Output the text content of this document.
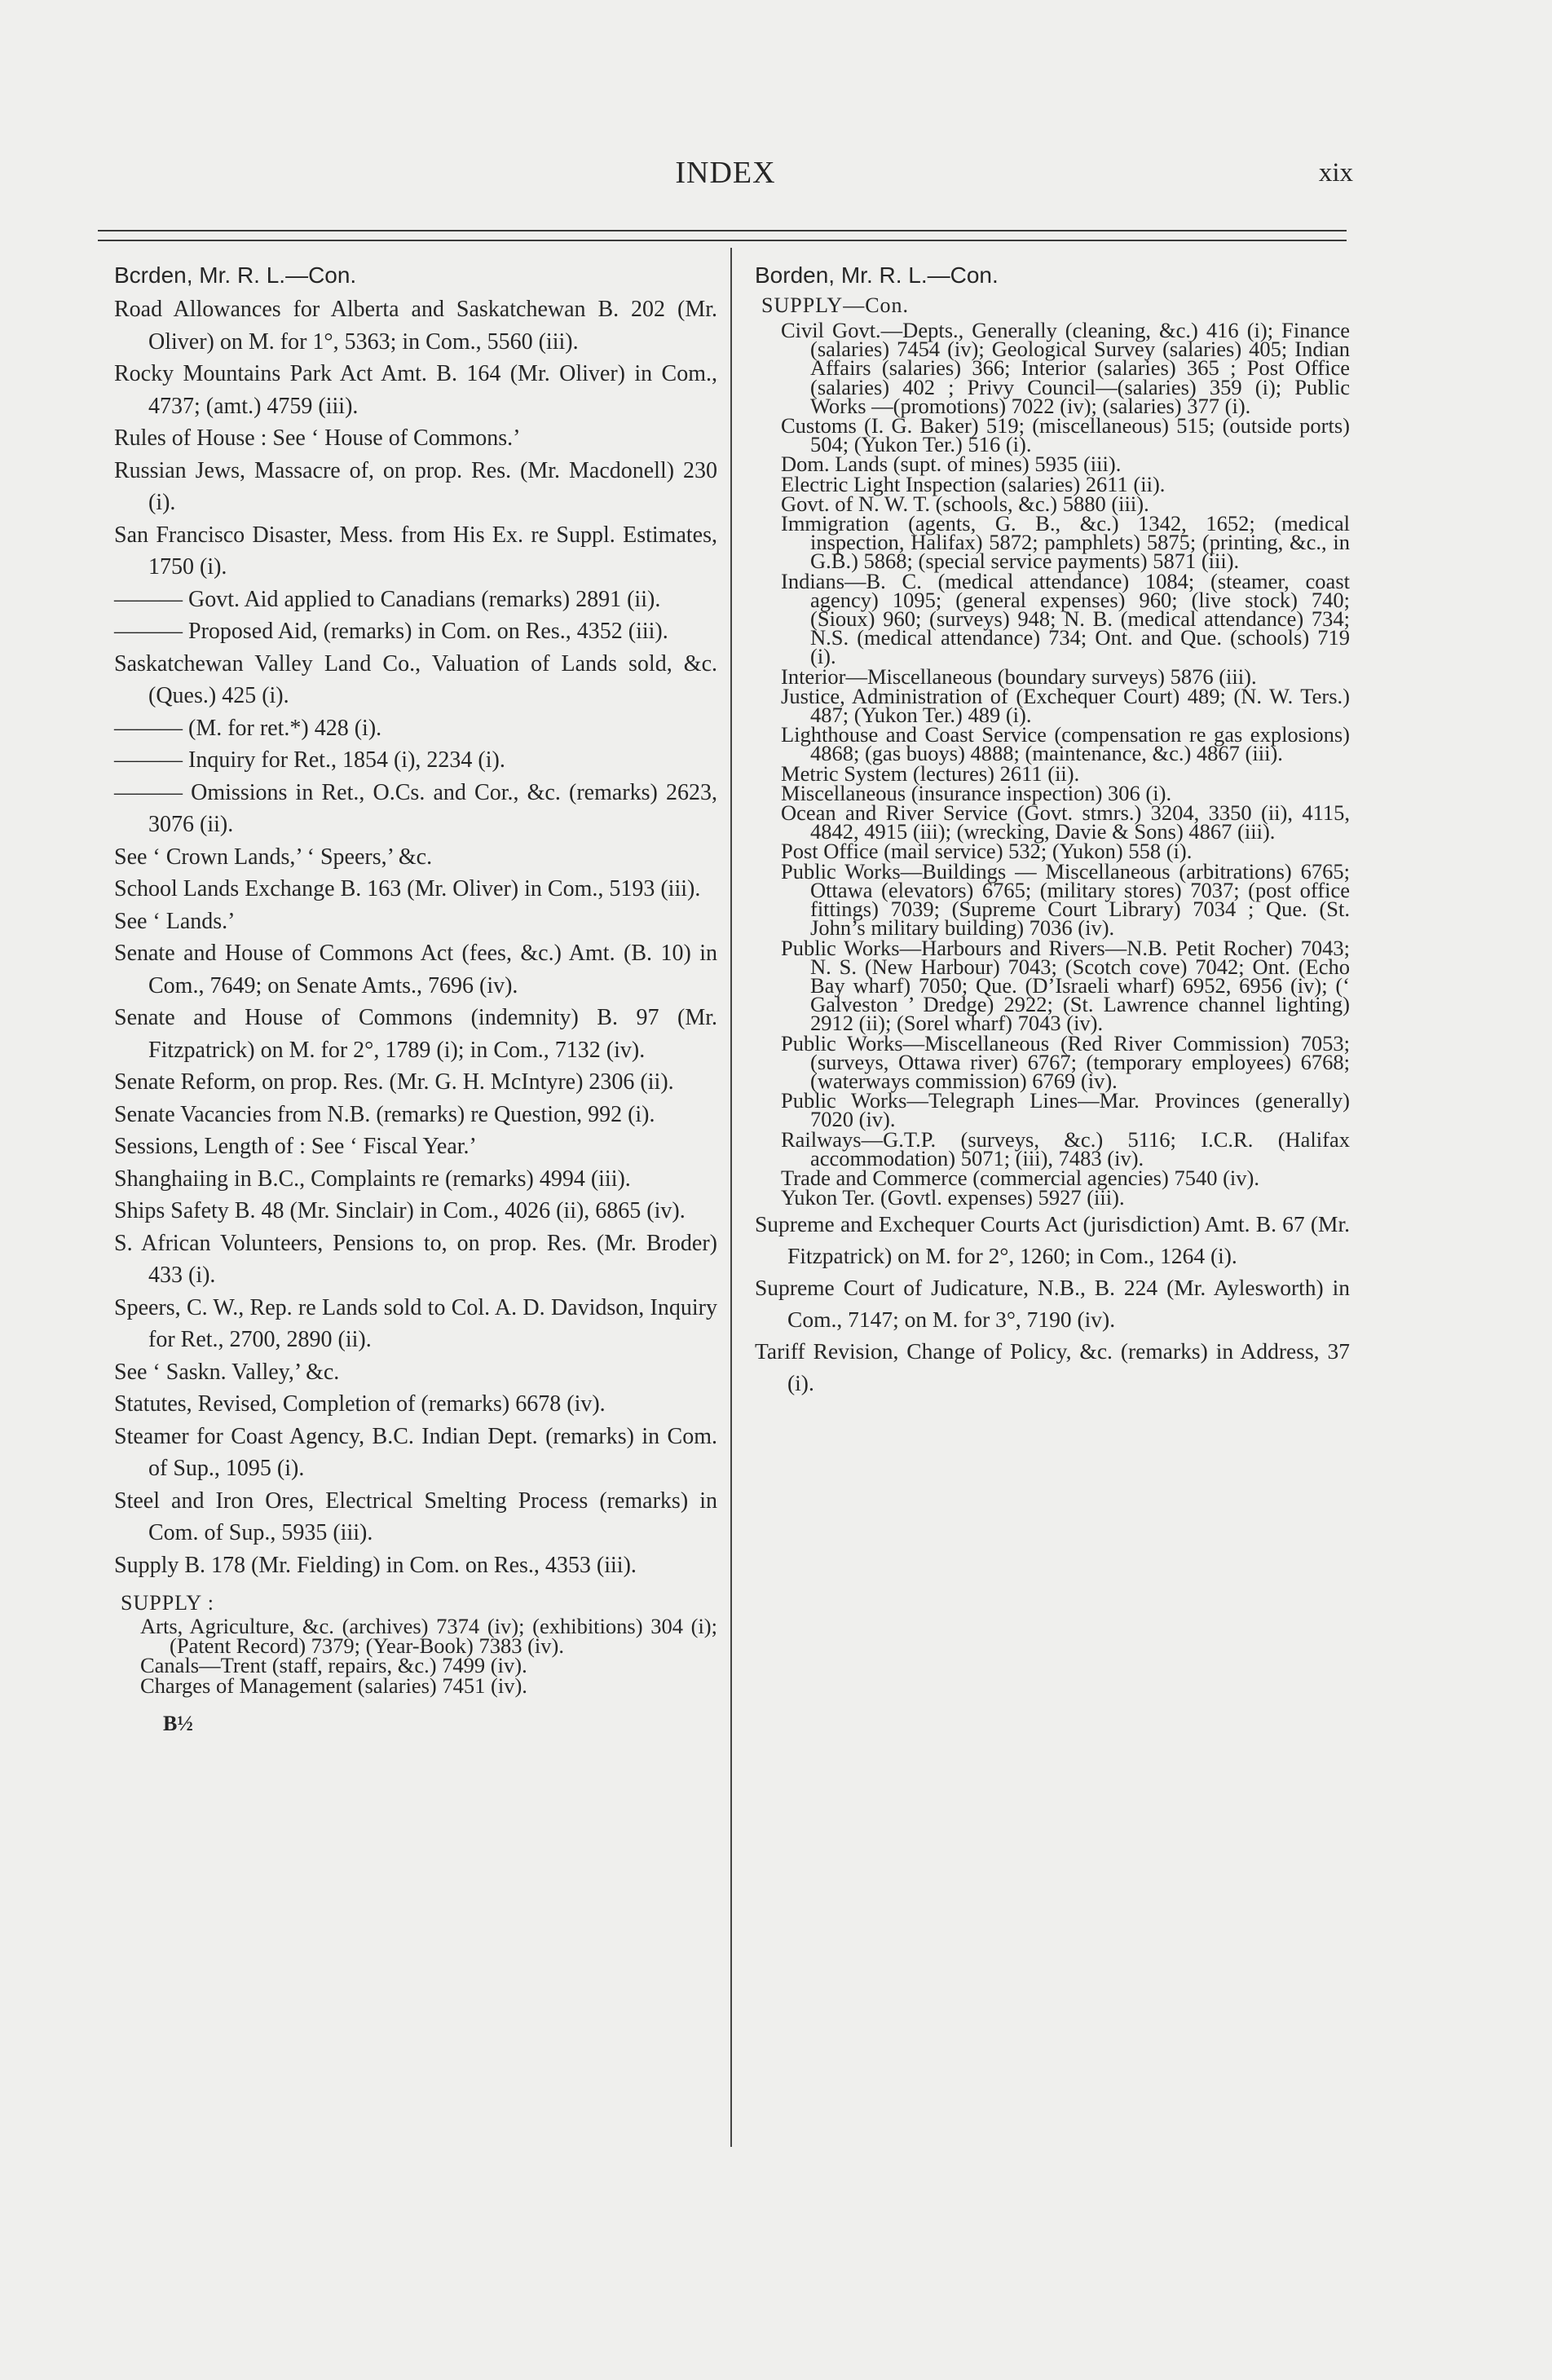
INDEX	xix
Bcrden, Mr. R. L.—Con.

Road Allowances for Alberta and Saskatchewan B. 202 (Mr. Oliver) on M. for 1°, 5363; in Com., 5560 (iii).

Rocky Mountains Park Act Amt. B. 164 (Mr. Oliver) in Com., 4737; (amt.) 4759 (iii).

Rules of House : See ‘ House of Commons.’

Russian Jews, Massacre of, on prop. Res. (Mr. Macdonell) 230 (i).

San Francisco Disaster, Mess. from His Ex. re Suppl. Estimates, 1750 (i).

——— Govt. Aid applied to Canadians (remarks) 2891 (ii).

——— Proposed Aid, (remarks) in Com. on Res., 4352 (iii).

Saskatchewan Valley Land Co., Valuation of Lands sold, &c. (Ques.) 425 (i).

——— (M. for ret.*) 428 (i).

——— Inquiry for Ret., 1854 (i), 2234 (i).

——— Omissions in Ret., O.Cs. and Cor., &c. (remarks) 2623, 3076 (ii).

See ‘ Crown Lands,’ ‘ Speers,’ &c.

School Lands Exchange B. 163 (Mr. Oliver) in Com., 5193 (iii).

See ‘ Lands.’

Senate and House of Commons Act (fees, &c.) Amt. (B. 10) in Com., 7649; on Senate Amts., 7696 (iv).

Senate and House of Commons (indemnity) B. 97 (Mr. Fitzpatrick) on M. for 2°, 1789 (i); in Com., 7132 (iv).

Senate Reform, on prop. Res. (Mr. G. H. McIntyre) 2306 (ii).

Senate Vacancies from N.B. (remarks) re Question, 992 (i).

Sessions, Length of : See ‘ Fiscal Year.’

Shanghaiing in B.C., Complaints re (remarks) 4994 (iii).

Ships Safety B. 48 (Mr. Sinclair) in Com., 4026 (ii), 6865 (iv).

S. African Volunteers, Pensions to, on prop. Res. (Mr. Broder) 433 (i).

Speers, C. W., Rep. re Lands sold to Col. A. D. Davidson, Inquiry for Ret., 2700, 2890 (ii).

See ‘ Saskn. Valley,’ &c.

Statutes, Revised, Completion of (remarks) 6678 (iv).

Steamer for Coast Agency, B.C. Indian Dept. (remarks) in Com. of Sup., 1095 (i).

Steel and Iron Ores, Electrical Smelting Process (remarks) in Com. of Sup., 5935 (iii).

Supply B. 178 (Mr. Fielding) in Com. on Res., 4353 (iii).

SUPPLY :

Arts, Agriculture, &c. (archives) 7374 (iv); (exhibitions) 304 (i); (Patent Record) 7379; (Year-Book) 7383 (iv).

Canals—Trent (staff, repairs, &c.) 7499 (iv).

Charges of Management (salaries) 7451 (iv).

B½
Borden, Mr. R. L.—Con.
SUPPLY—Con.

Civil Govt.—Depts., Generally (cleaning, &c.) 416 (i); Finance (salaries) 7454 (iv); Geological Survey (salaries) 405; Indian Affairs (salaries) 366; Interior (salaries) 365 ; Post Office (salaries) 402 ; Privy Council—(salaries) 359 (i); Public Works —(promotions) 7022 (iv); (salaries) 377 (i).

Customs (I. G. Baker) 519; (miscellaneous) 515; (outside ports) 504; (Yukon Ter.) 516 (i).

Dom. Lands (supt. of mines) 5935 (iii).

Electric Light Inspection (salaries) 2611 (ii).

Govt. of N. W. T. (schools, &c.) 5880 (iii).

Immigration (agents, G. B., &c.) 1342, 1652; (medical inspection, Halifax) 5872; pamphlets) 5875; (printing, &c., in G.B.) 5868; (special service payments) 5871 (iii).

Indians—B. C. (medical attendance) 1084; (steamer, coast agency) 1095; (general expenses) 960; (live stock) 740; (Sioux) 960; (surveys) 948; N. B. (medical attendance) 734; N.S. (medical attendance) 734; Ont. and Que. (schools) 719 (i).

Interior—Miscellaneous (boundary surveys) 5876 (iii).

Justice, Administration of (Exchequer Court) 489; (N. W. Ters.) 487; (Yukon Ter.) 489 (i).

Lighthouse and Coast Service (compensation re gas explosions) 4868; (gas buoys) 4888; (maintenance, &c.) 4867 (iii).

Metric System (lectures) 2611 (ii).

Miscellaneous (insurance inspection) 306 (i).

Ocean and River Service (Govt. stmrs.) 3204, 3350 (ii), 4115, 4842, 4915 (iii); (wrecking, Davie & Sons) 4867 (iii).

Post Office (mail service) 532; (Yukon) 558 (i).

Public Works—Buildings — Miscellaneous (arbitrations) 6765; Ottawa (elevators) 6765; (military stores) 7037; (post office fittings) 7039; (Supreme Court Library) 7034 ; Que. (St. John’s military building) 7036 (iv).

Public Works—Harbours and Rivers—N.B. Petit Rocher) 7043; N. S. (New Harbour) 7043; (Scotch cove) 7042; Ont. (Echo Bay wharf) 7050; Que. (D’Israeli wharf) 6952, 6956 (iv); (‘ Galveston ’ Dredge) 2922; (St. Lawrence channel lighting) 2912 (ii); (Sorel wharf) 7043 (iv).

Public Works—Miscellaneous (Red River Commission) 7053; (surveys, Ottawa river) 6767; (temporary employees) 6768; (waterways commission) 6769 (iv).

Public Works—Telegraph Lines—Mar. Provinces (generally) 7020 (iv).

Railways—G.T.P. (surveys, &c.) 5116; I.C.R. (Halifax accommodation) 5071; (iii), 7483 (iv).

Trade and Commerce (commercial agencies) 7540 (iv).

Yukon Ter. (Govtl. expenses) 5927 (iii).

Supreme and Exchequer Courts Act (jurisdiction) Amt. B. 67 (Mr. Fitzpatrick) on M. for 2°, 1260; in Com., 1264 (i).

Supreme Court of Judicature, N.B., B. 224 (Mr. Aylesworth) in Com., 7147; on M. for 3°, 7190 (iv).

Tariff Revision, Change of Policy, &c. (remarks) in Address, 37 (i).
